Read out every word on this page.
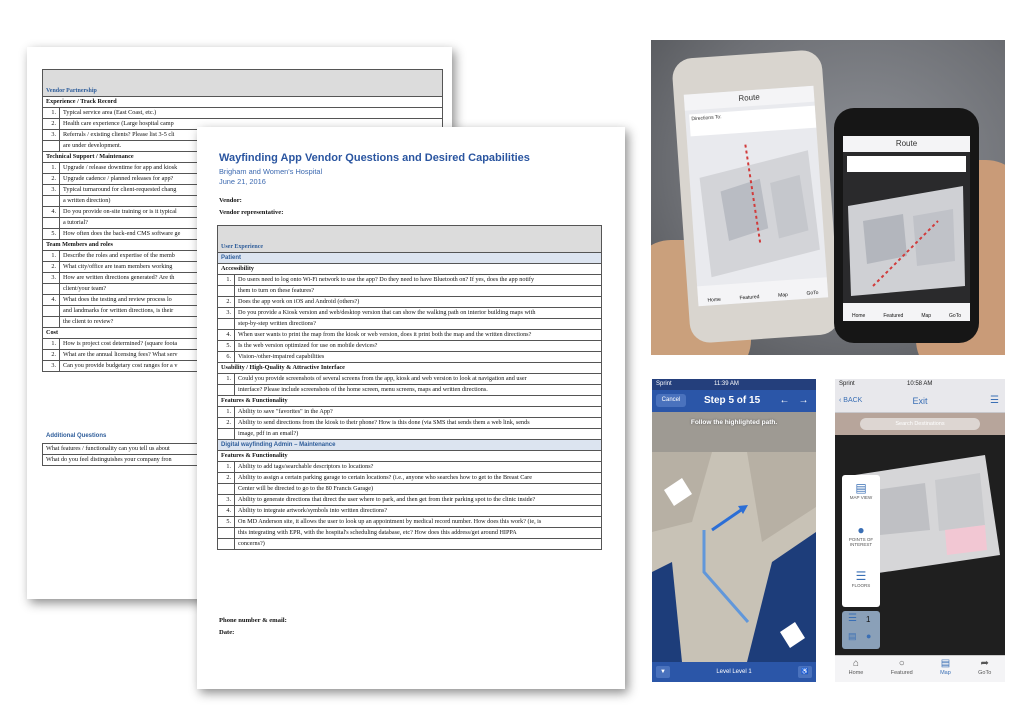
Vendor Partnership	
Experience / Track Record	
1.	Typical service area (East Coast, etc.)
2.	Health care experience (Large hospital camp
3.	Referrals / existing clients? Please list 3-5 cli
	are under development.
Technical Support / Maintenance	
1.	Upgrade / release downtime for app and kiosk
2.	Upgrade cadence / planned releases for app?
3.	Typical turnaround for client-requested chang
	a written direction)
4.	Do you provide on-site training or is it typical
	a tutorial?
5.	How often does the back-end CMS software ge
Team Members and roles	
1.	Describe the roles and expertise of the memb
2.	What city/office are team members working
3.	How are written directions generated? Are th
	client/your team?
4.	What does the testing and review process lo
	and landmarks for written directions, is their
	the client to review?
Cost	
1.	How is project cost determined? (square foota
2.	What are the annual licensing fees? What serv
3.	Can you provide budgetary cost ranges for a v
Additional Questions
What features / functionality can you tell us about
What do you feel distinguishes your company fron
Wayfinding App Vendor Questions and Desired Capabilities
Brigham and Women's Hospital
June 21, 2016
Vendor:
Vendor representative:
User Experience	
Patient	
Accessibility	
1.	Do users need to log onto Wi-Fi network to use the app? Do they need to have Bluetooth on? If yes, does the app notify
	them to turn on these features?
2.	Does the app work on iOS and Android (others?)
3.	Do you provide a Kiosk version and web/desktop version that can show the walking path on interior building maps with
	step-by-step written directions?
4.	When user wants to print the map from the kiosk or web version, does it print both the map and the written directions?
5.	Is the web version optimized for use on mobile devices?
6.	Vision-/other-impaired capabilities
Usability / High-Quality & Attractive Interface	
1.	Could you provide screenshots of several screens from the app, kiosk and web version to look at navigation and user
	interface? Please include screenshots of the home screen, menu screens, maps and written directions.
Features & Functionality	
1.	Ability to save "favorites" in the App?
2.	Ability to send directions from the kiosk to their phone? How is this done (via SMS that sends them a web link, sends
	image, pdf in an email?)
Digital wayfinding Admin – Maintenance	
Features & Functionality	
1.	Ability to add tags/searchable descriptors to locations?
2.	Ability to assign a certain parking garage to certain locations? (i.e., anyone who searches how to get to the Breast Care
	Center will be directed to go to the 80 Francis Garage)
3.	Ability to generate directions that direct the user where to park, and then get from their parking spot to the clinic inside?
4.	Ability to integrate artwork/symbols into written directions?
5.	On MD Anderson site, it allows the user to look up an appointment by medical record number. How does this work? (ie, is
	this integrating with EPR, with the hospital's scheduling database, etc? How does this address/get around HIPPA
	concerns?)
Phone number & email:
Date:
Route
Directions To:
Home	Featured	Map	GoTo
Route
Home	Featured	Map	GoTo
Sprint	11:39 AM
Cancel	Step 5 of 15	← →
Follow the highlighted path.
▼	Level Level 1	♿
Sprint	10:58 AM
‹ BACK	Exit	☰
Search Destinations
▤
MAP VIEW
●
POINTS OF INTEREST
☰
FLOORS
☰ 1
▤ ●
⌂
Home
○
Featured
▤
Map
➦
GoTo
